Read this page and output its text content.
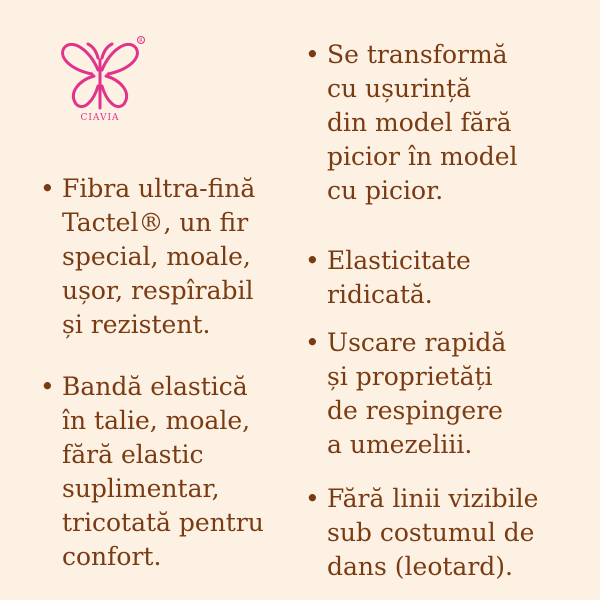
R
CIAVIA
• Fibra ultra-fină
Tactel®, un fir
special, moale,
ușor, respîrabil
și rezistent.
• Bandă elastică
în talie, moale,
fără elastic
suplimentar,
tricotată pentru
confort.
• Se transformă
cu ușurință
din model fără
picior în model
cu picior.
• Elasticitate
ridicată.
• Uscare rapidă
și proprietăți
de respingere
a umezeliii.
• Fără linii vizibile
sub costumul de
dans (leotard).
